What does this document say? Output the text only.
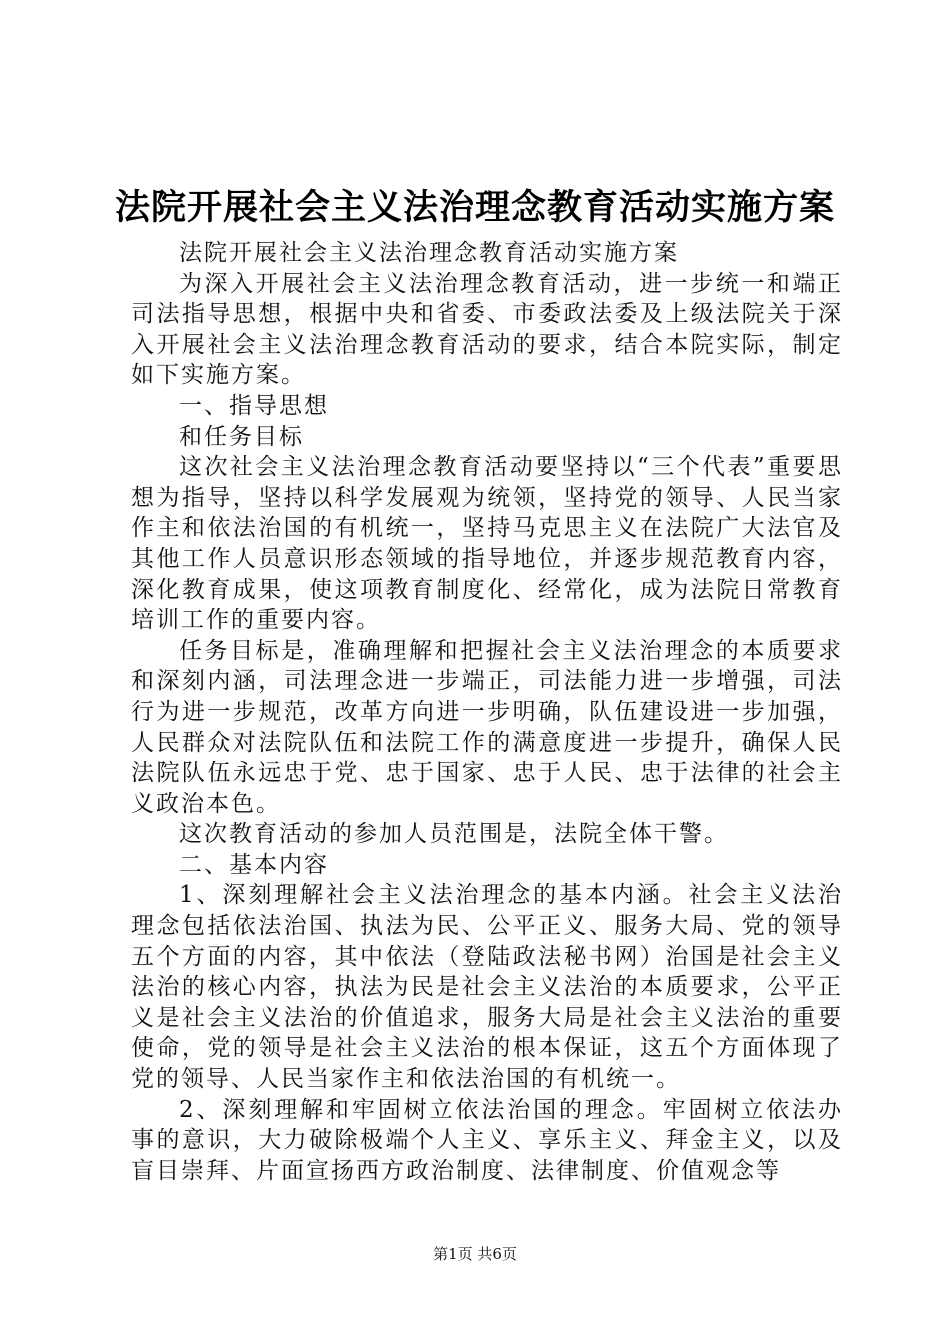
法院开展社会主义法治理念教育活动实施方案

法院开展社会主义法治理念教育活动实施方案

为深入开展社会主义法治理念教育活动，进一步统一和端正司法指导思想，根据中央和省委、市委政法委及上级法院关于深入开展社会主义法治理念教育活动的要求，结合本院实际，制定如下实施方案。

一、指导思想

和任务目标

这次社会主义法治理念教育活动要坚持以“三个代表”重要思想为指导，坚持以科学发展观为统领，坚持党的领导、人民当家作主和依法治国的有机统一，坚持马克思主义在法院广大法官及其他工作人员意识形态领域的指导地位，并逐步规范教育内容，深化教育成果，使这项教育制度化、经常化，成为法院日常教育培训工作的重要内容。

任务目标是，准确理解和把握社会主义法治理念的本质要求和深刻内涵，司法理念进一步端正，司法能力进一步增强，司法行为进一步规范，改革方向进一步明确，队伍建设进一步加强，人民群众对法院队伍和法院工作的满意度进一步提升，确保人民法院队伍永远忠于党、忠于国家、忠于人民、忠于法律的社会主义政治本色。

这次教育活动的参加人员范围是，法院全体干警。

二、基本内容

1、深刻理解社会主义法治理念的基本内涵。社会主义法治理念包括依法治国、执法为民、公平正义、服务大局、党的领导五个方面的内容，其中依法（登陆政法秘书网）治国是社会主义法治的核心内容，执法为民是社会主义法治的本质要求，公平正义是社会主义法治的价值追求，服务大局是社会主义法治的重要使命，党的领导是社会主义法治的根本保证，这五个方面体现了党的领导、人民当家作主和依法治国的有机统一。

2、深刻理解和牢固树立依法治国的理念。牢固树立依法办事的意识，大力破除极端个人主义、享乐主义、拜金主义，以及盲目崇拜、片面宣扬西方政治制度、法律制度、价值观念等

第1页 共6页
